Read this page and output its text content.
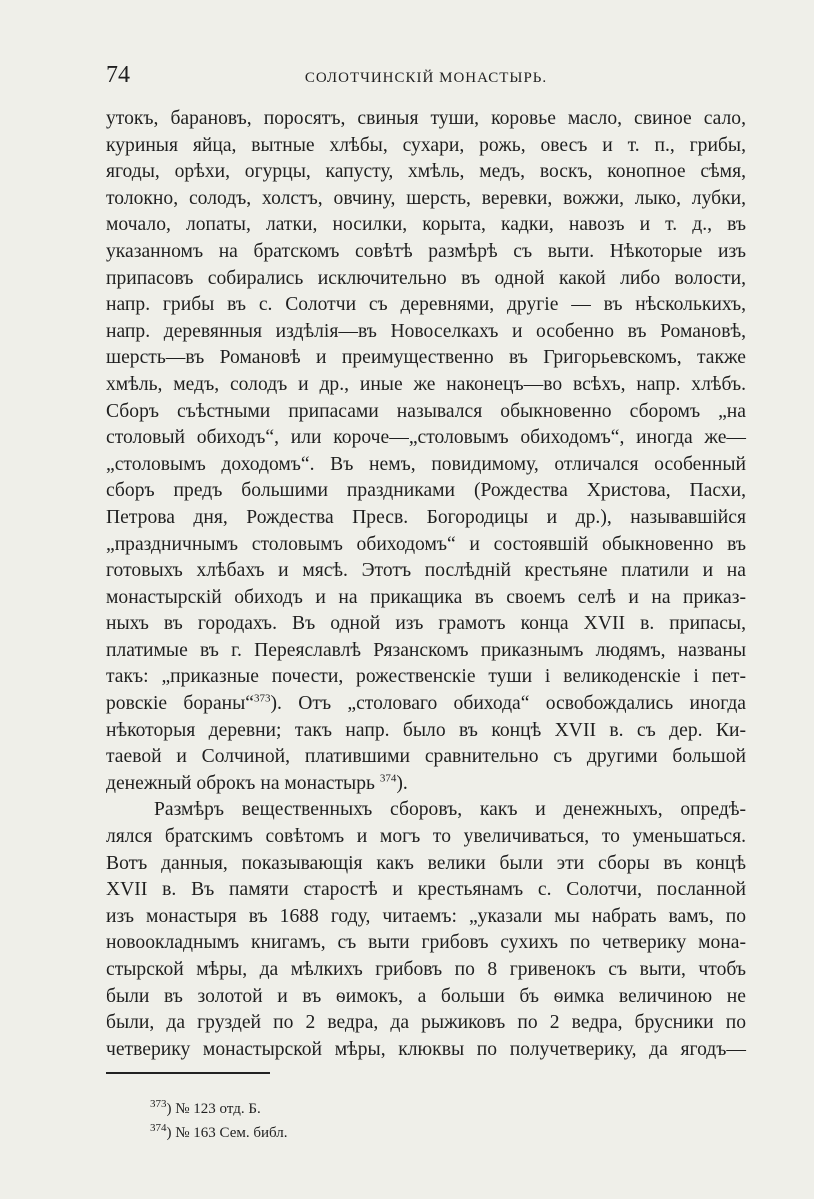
74	СОЛОТЧИНСКІЙ МОНАСТЫРЬ.
утокъ, барановъ, поросятъ, свиныя туши, коровье масло, свиное сало,
куриныя яйца, вытные хлѣбы, сухари, рожь, овесъ и т. п., грибы,
ягоды, орѣхи, огурцы, капусту, хмѣль, медъ, воскъ, конопное сѣмя,
толокно, солодъ, холстъ, овчину, шерсть, веревки, вожжи, лыко, лубки,
мочало, лопаты, латки, носилки, корыта, кадки, навозъ и т. д., въ
указанномъ на братскомъ совѣтѣ размѣрѣ съ выти. Нѣкоторые изъ
припасовъ собирались исключительно въ одной какой либо волости,
напр. грибы въ с. Солотчи съ деревнями, другіе — въ нѣсколькихъ,
напр. деревянныя издѣлія—въ Новоселкахъ и особенно въ Романовѣ,
шерсть—въ Романовѣ и преимущественно въ Григорьевскомъ, также
хмѣль, медъ, солодъ и др., иные же наконецъ—во всѣхъ, напр. хлѣбъ.
Сборъ съѣстными припасами назывался обыкновенно сборомъ „на
столовый обиходъ“, или короче—„столовымъ обиходомъ“, иногда же—
„столовымъ доходомъ“. Въ немъ, повидимому, отличался особенный
сборъ предъ большими праздниками (Рождества Христова, Пасхи,
Петрова дня, Рождества Пресв. Богородицы и др.), называвшійся
„праздничнымъ столовымъ обиходомъ“ и состоявшій обыкновенно въ
готовыхъ хлѣбахъ и мясѣ. Этотъ послѣдній крестьяне платили и на
монастырскій обиходъ и на прикащика въ своемъ селѣ и на приказ-
ныхъ въ городахъ. Въ одной изъ грамотъ конца XVII в. припасы,
платимые въ г. Переяславлѣ Рязанскомъ приказнымъ людямъ, названы
такъ: „приказные почести, рожественскіе туши і великоденскіе і пет-
ровскіе бораны“$^{373}$). Отъ „столоваго обихода“ освобождались иногда
нѣкоторыя деревни; такъ напр. было въ концѣ XVII в. съ дер. Ки-
таевой и Солчиной, платившими сравнительно съ другими большой
денежный оброкъ на монастырь $^{374}$).
Размѣръ вещественныхъ сборовъ, какъ и денежныхъ, опредѣ-
лялся братскимъ совѣтомъ и могъ то увеличиваться, то уменьшаться.
Вотъ данныя, показывающія какъ велики были эти сборы въ концѣ
XVII в. Въ памяти старостѣ и крестьянамъ с. Солотчи, посланной
изъ монастыря въ 1688 году, читаемъ: „указали мы набрать вамъ, по
новоокладнымъ книгамъ, съ выти грибовъ сухихъ по четверику мона-
стырской мѣры, да мѣлкихъ грибовъ по 8 гривенокъ съ выти, чтобъ
были въ золотой и въ ѳимокъ, а больши бъ ѳимка величиною не
были, да груздей по 2 ведра, да рыжиковъ по 2 ведра, брусники по
четверику монастырской мѣры, клюквы по получетверику, да ягодъ—
$^{373}$) № 123 отд. Б.
$^{374}$) № 163 Сем. библ.
